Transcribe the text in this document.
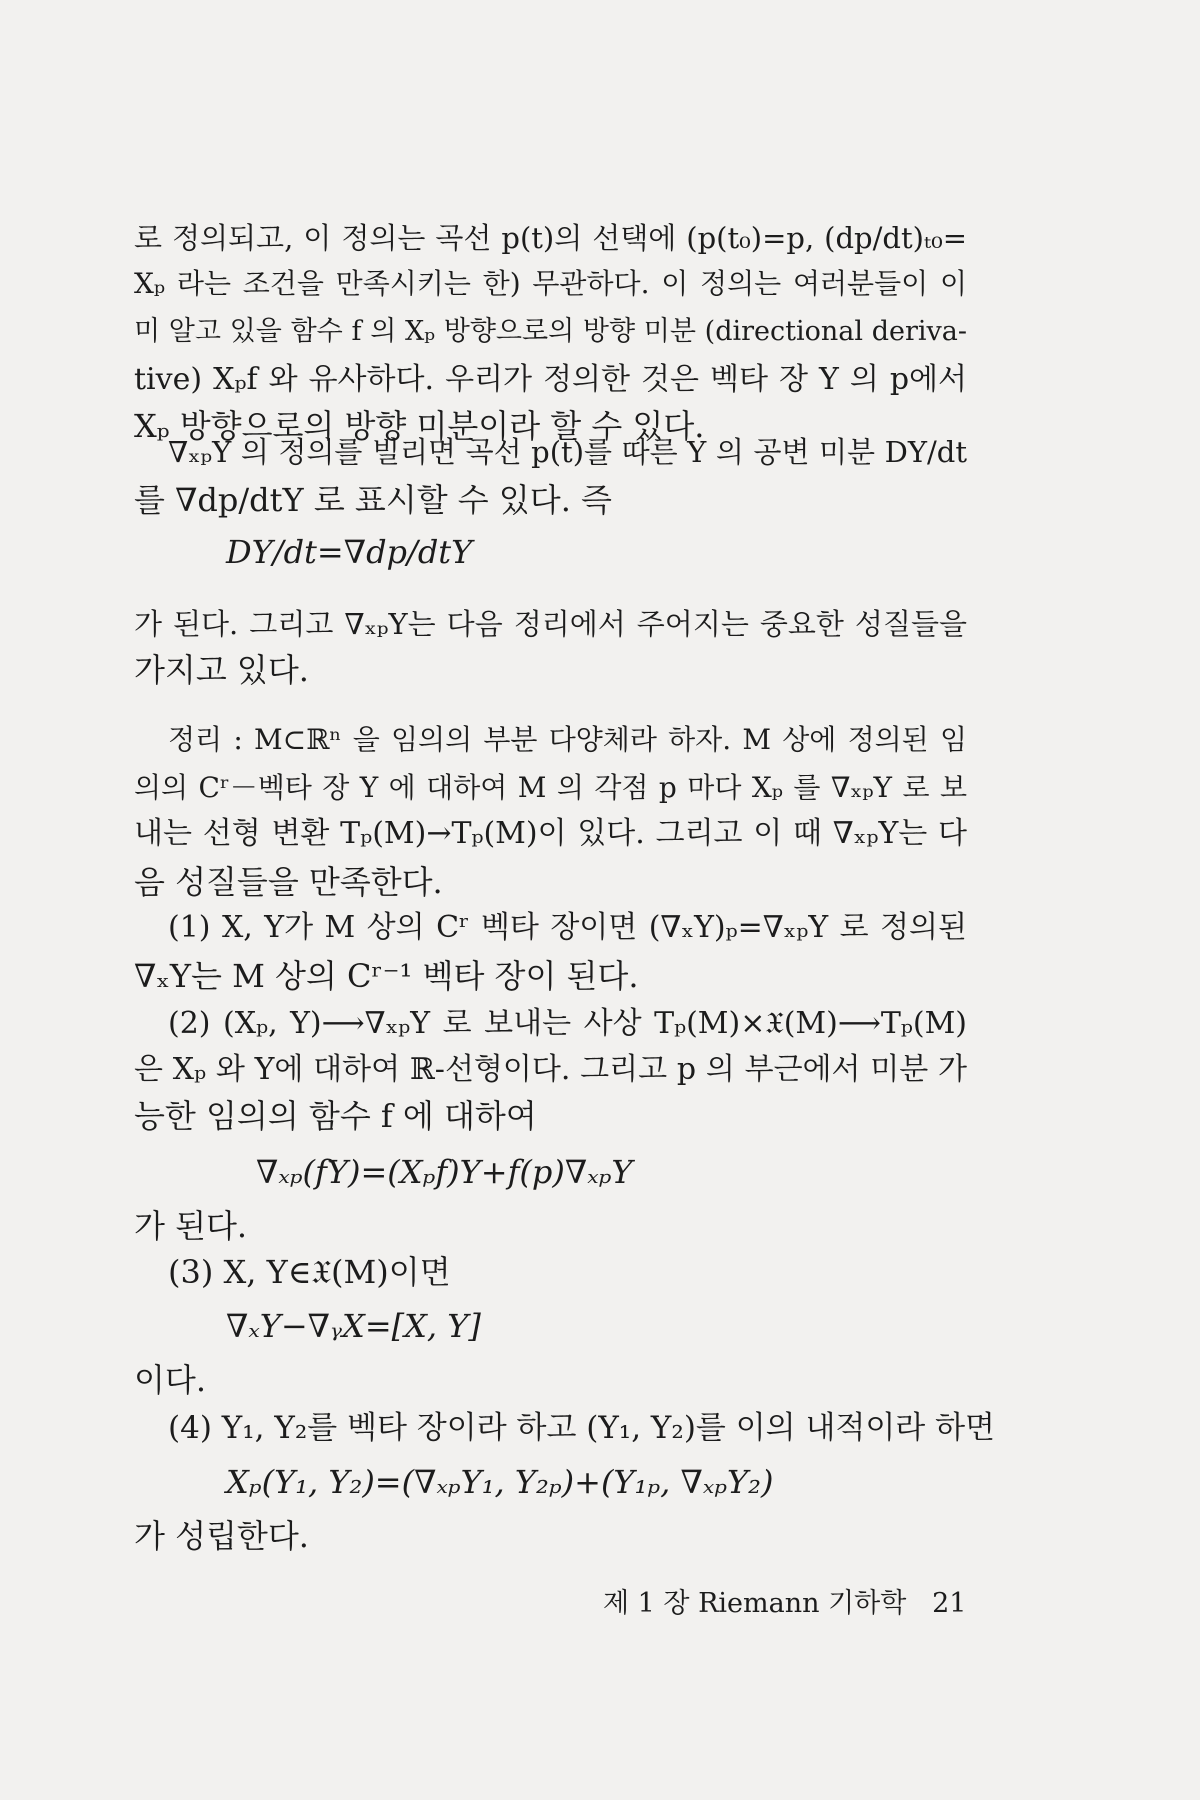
로 정의되고, 이 정의는 곡선 p(t)의 선택에 (p(t₀)=p, (dp/dt)ₜ₀=
Xₚ 라는 조건을 만족시키는 한) 무관하다. 이 정의는 여러분들이 이
미 알고 있을 함수 f 의 Xₚ 방향으로의 방향 미분 (directional deriva-
tive) Xₚf 와 유사하다. 우리가 정의한 것은 벡타 장 Y 의 p에서
Xₚ 방향으로의 방향 미분이라 할 수 있다.
∇ₓₚY 의 정의를 빌리면 곡선 p(t)를 따른 Y 의 공변 미분 DY/dt
를 ∇dp/dtY 로 표시할 수 있다. 즉
DY/dt=∇dp/dtY
가 된다. 그리고 ∇ₓₚY는 다음 정리에서 주어지는 중요한 성질들을
가지고 있다.
정리 : M⊂ℝⁿ 을 임의의 부분 다양체라 하자. M 상에 정의된 임
의의 Cʳ－벡타 장 Y 에 대하여 M 의 각점 p 마다 Xₚ 를 ∇ₓₚY 로 보
내는 선형 변환 Tₚ(M)→Tₚ(M)이 있다. 그리고 이 때 ∇ₓₚY는 다
음 성질들을 만족한다.
(1) X, Y가 M 상의 Cʳ 벡타 장이면 (∇ₓY)ₚ=∇ₓₚY 로 정의된
∇ₓY는 M 상의 Cʳ⁻¹ 벡타 장이 된다.
(2) (Xₚ, Y)⟶∇ₓₚY 로 보내는 사상 Tₚ(M)×𝔛(M)⟶Tₚ(M)
은 Xₚ 와 Y에 대하여 ℝ-선형이다. 그리고 p 의 부근에서 미분 가
능한 임의의 함수 f 에 대하여
∇ₓₚ(fY)=(Xₚf)Y+f(p)∇ₓₚY
가 된다.
(3) X, Y∈𝔛(M)이면
∇ₓY−∇ᵧX=[X, Y]
이다.
(4) Y₁, Y₂를 벡타 장이라 하고 (Y₁, Y₂)를 이의 내적이라 하면
Xₚ(Y₁, Y₂)=(∇ₓₚY₁, Y₂ₚ)+(Y₁ₚ, ∇ₓₚY₂)
가 성립한다.
제 1 장 Riemann 기하학 21
